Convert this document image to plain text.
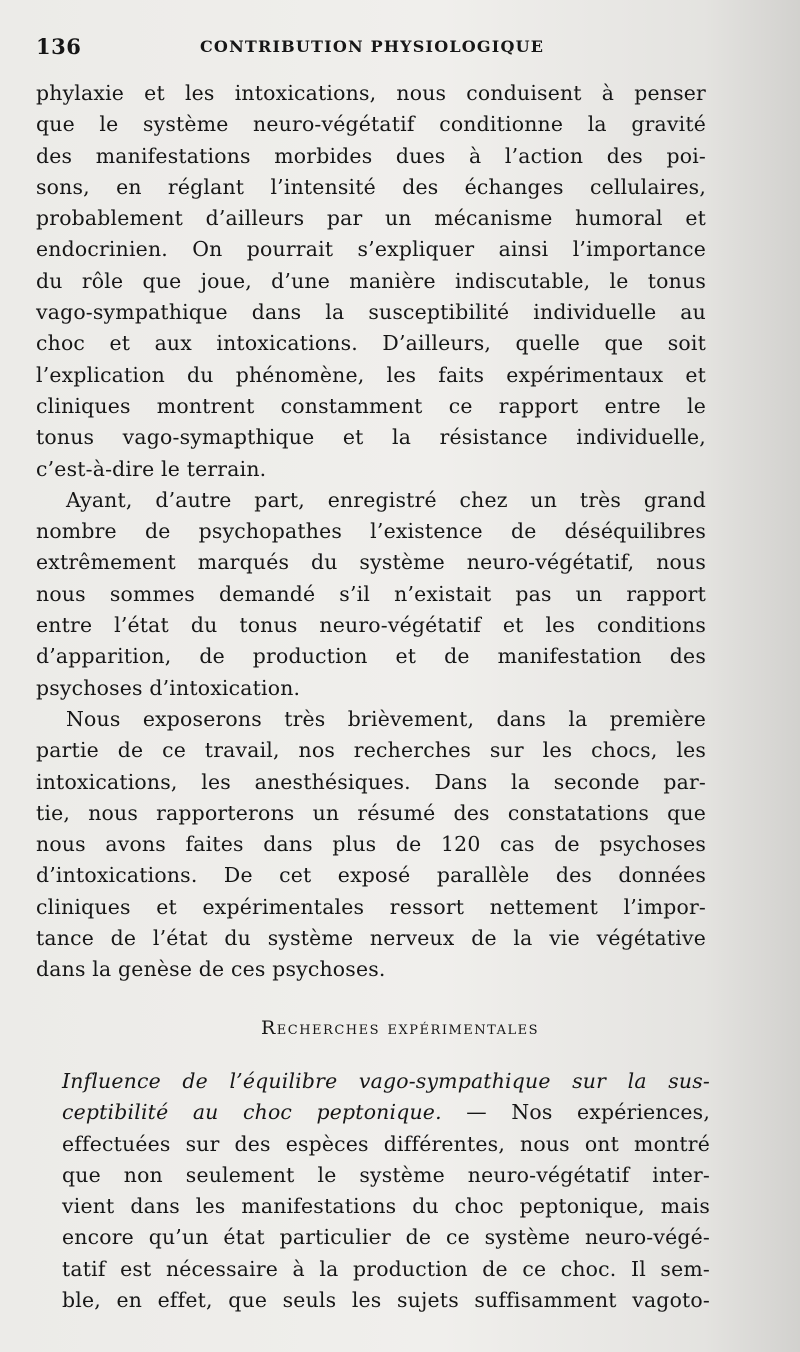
136	CONTRIBUTION PHYSIOLOGIQUE
phylaxie et les intoxications, nous conduisent à penser
que le système neuro-végétatif conditionne la gravité
des manifestations morbides dues à l’action des poi-
sons, en réglant l’intensité des échanges cellulaires,
probablement d’ailleurs par un mécanisme humoral et
endocrinien. On pourrait s’expliquer ainsi l’importance
du rôle que joue, d’une manière indiscutable, le tonus
vago-sympathique dans la susceptibilité individuelle au
choc et aux intoxications. D’ailleurs, quelle que soit
l’explication du phénomène, les faits expérimentaux et
cliniques montrent constamment ce rapport entre le
tonus vago-symapthique et la résistance individuelle,
c’est-à-dire le terrain.
Ayant, d’autre part, enregistré chez un très grand
nombre de psychopathes l’existence de déséquilibres
extrêmement marqués du système neuro-végétatif, nous
nous sommes demandé s’il n’existait pas un rapport
entre l’état du tonus neuro-végétatif et les conditions
d’apparition, de production et de manifestation des
psychoses d’intoxication.
Nous exposerons très brièvement, dans la première
partie de ce travail, nos recherches sur les chocs, les
intoxications, les anesthésiques. Dans la seconde par-
tie, nous rapporterons un résumé des constatations que
nous avons faites dans plus de 120 cas de psychoses
d’intoxications. De cet exposé parallèle des données
cliniques et expérimentales ressort nettement l’impor-
tance de l’état du système nerveux de la vie végétative
dans la genèse de ces psychoses.
Recherches expérimentales
Influence de l’équilibre vago-sympathique sur la sus-
ceptibilité au choc peptonique. — Nos expériences,
effectuées sur des espèces différentes, nous ont montré
que non seulement le système neuro-végétatif inter-
vient dans les manifestations du choc peptonique, mais
encore qu’un état particulier de ce système neuro-végé-
tatif est nécessaire à la production de ce choc. Il sem-
ble, en effet, que seuls les sujets suffisamment vagoto-
